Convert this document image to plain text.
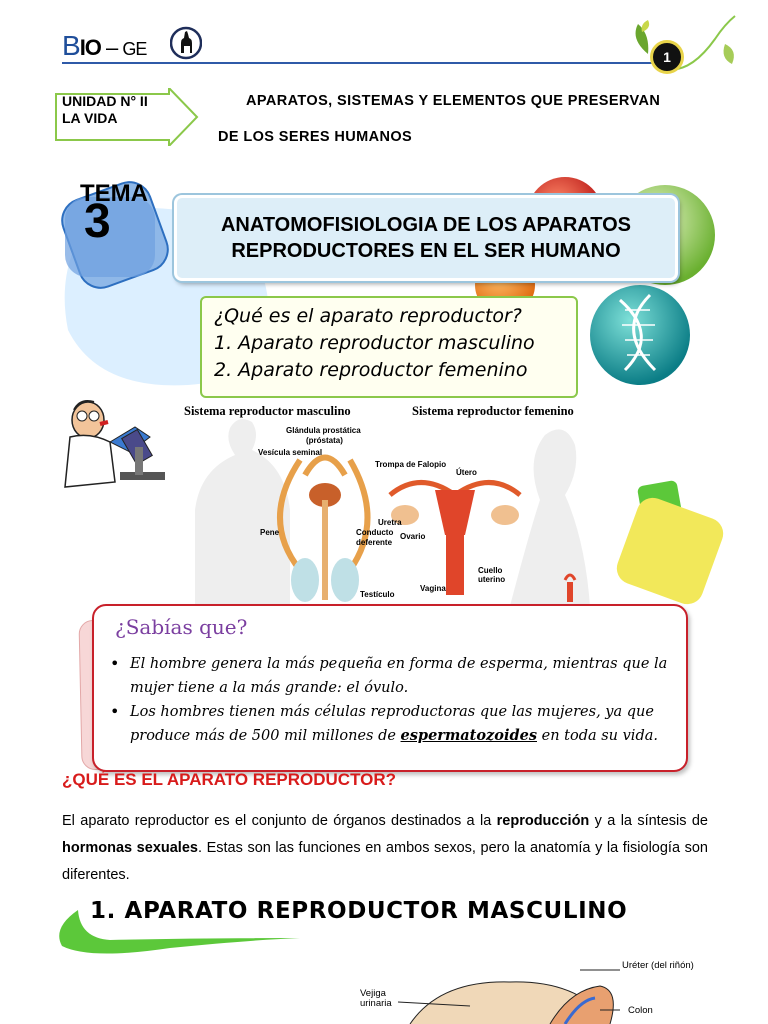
BIO – GE	1
UNIDAD N° II
LA VIDA
APARATOS, SISTEMAS Y ELEMENTOS QUE PRESERVAN
DE LOS SERES HUMANOS
TEMA
3	ANATOMOFISIOLOGIA DE LOS APARATOS
REPRODUCTORES EN EL SER HUMANO
¿Qué es el aparato reproductor?
1. Aparato reproductor masculino
2. Aparato reproductor femenino
Sistema reproductor masculino	Sistema reproductor femenino
Glándula prostática
(próstata)
Vesícula seminal
Pene	Conducto
deferente
Testículo
Trompa de Falopio
Útero
Uretra
Ovario
Cuello
uterino
Vagina
¿Sabías que?
• El hombre genera la más pequeña en forma de esperma, mientras que la mujer tiene a la más grande: el óvulo.
• Los hombres tienen más células reproductoras que las mujeres, ya que produce más de 500 mil millones de espermatozoides en toda su vida.
¿QUÉ ES EL APARATO REPRODUCTOR?
El aparato reproductor es el conjunto de órganos destinados a la reproducción y a la síntesis de hormonas sexuales. Estas son las funciones en ambos sexos, pero la anatomía y la fisiología son diferentes.
1. APARATO REPRODUCTOR MASCULINO
Uréter (del riñón)
Vejiga
urinaria
Colon
